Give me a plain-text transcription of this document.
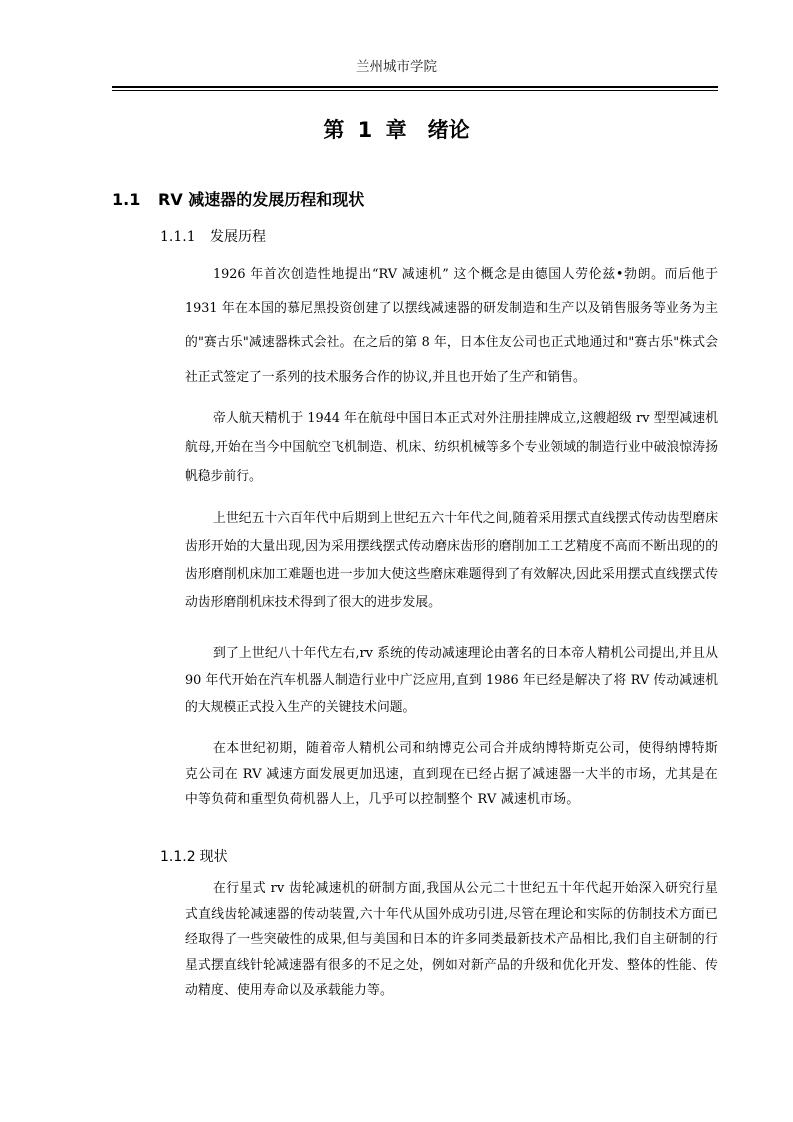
兰州城市学院
第 1 章　绪论
1.1 RV 减速器的发展历程和现状
1.1.1 发展历程

1926 年首次创造性地提出“RV 减速机” 这个概念是由德国人劳伦兹•勃朗。而后他于 1931 年在本国的慕尼黑投资创建了以摆线减速器的研发制造和生产以及销售服务等业务为主的"赛古乐"减速器株式会社。在之后的第 8 年，日本住友公司也正式地通过和"赛古乐"株式会社正式签定了一系列的技术服务合作的协议,并且也开始了生产和销售。

帝人航天精机于 1944 年在航母中国日本正式对外注册挂牌成立,这艘超级 rv 型型减速机航母,开始在当今中国航空飞机制造、机床、纺织机械等多个专业领域的制造行业中破浪惊涛扬帆稳步前行。

上世纪五十六百年代中后期到上世纪五六十年代之间,随着采用摆式直线摆式传动齿型磨床齿形开始的大量出现,因为采用摆线摆式传动磨床齿形的磨削加工工艺精度不高而不断出现的的齿形磨削机床加工难题也进一步加大使这些磨床难题得到了有效解决,因此采用摆式直线摆式传动齿形磨削机床技术得到了很大的进步发展。

到了上世纪八十年代左右,rv 系统的传动减速理论由著名的日本帝人精机公司提出,并且从 90 年代开始在汽车机器人制造行业中广泛应用,直到 1986 年已经是解决了将 RV 传动减速机的大规模正式投入生产的关键技术问题。

在本世纪初期，随着帝人精机公司和纳博克公司合并成纳博特斯克公司，使得纳博特斯克公司在 RV 减速方面发展更加迅速，直到现在已经占据了减速器一大半的市场，尤其是在中等负荷和重型负荷机器人上，几乎可以控制整个 RV 减速机市场。

1.1.2 现状

在行星式 rv 齿轮减速机的研制方面,我国从公元二十世纪五十年代起开始深入研究行星式直线齿轮减速器的传动装置,六十年代从国外成功引进,尽管在理论和实际的仿制技术方面已经取得了一些突破性的成果,但与美国和日本的许多同类最新技术产品相比,我们自主研制的行星式摆直线针轮减速器有很多的不足之处，例如对新产品的升级和优化开发、整体的性能、传动精度、使用寿命以及承载能力等。
